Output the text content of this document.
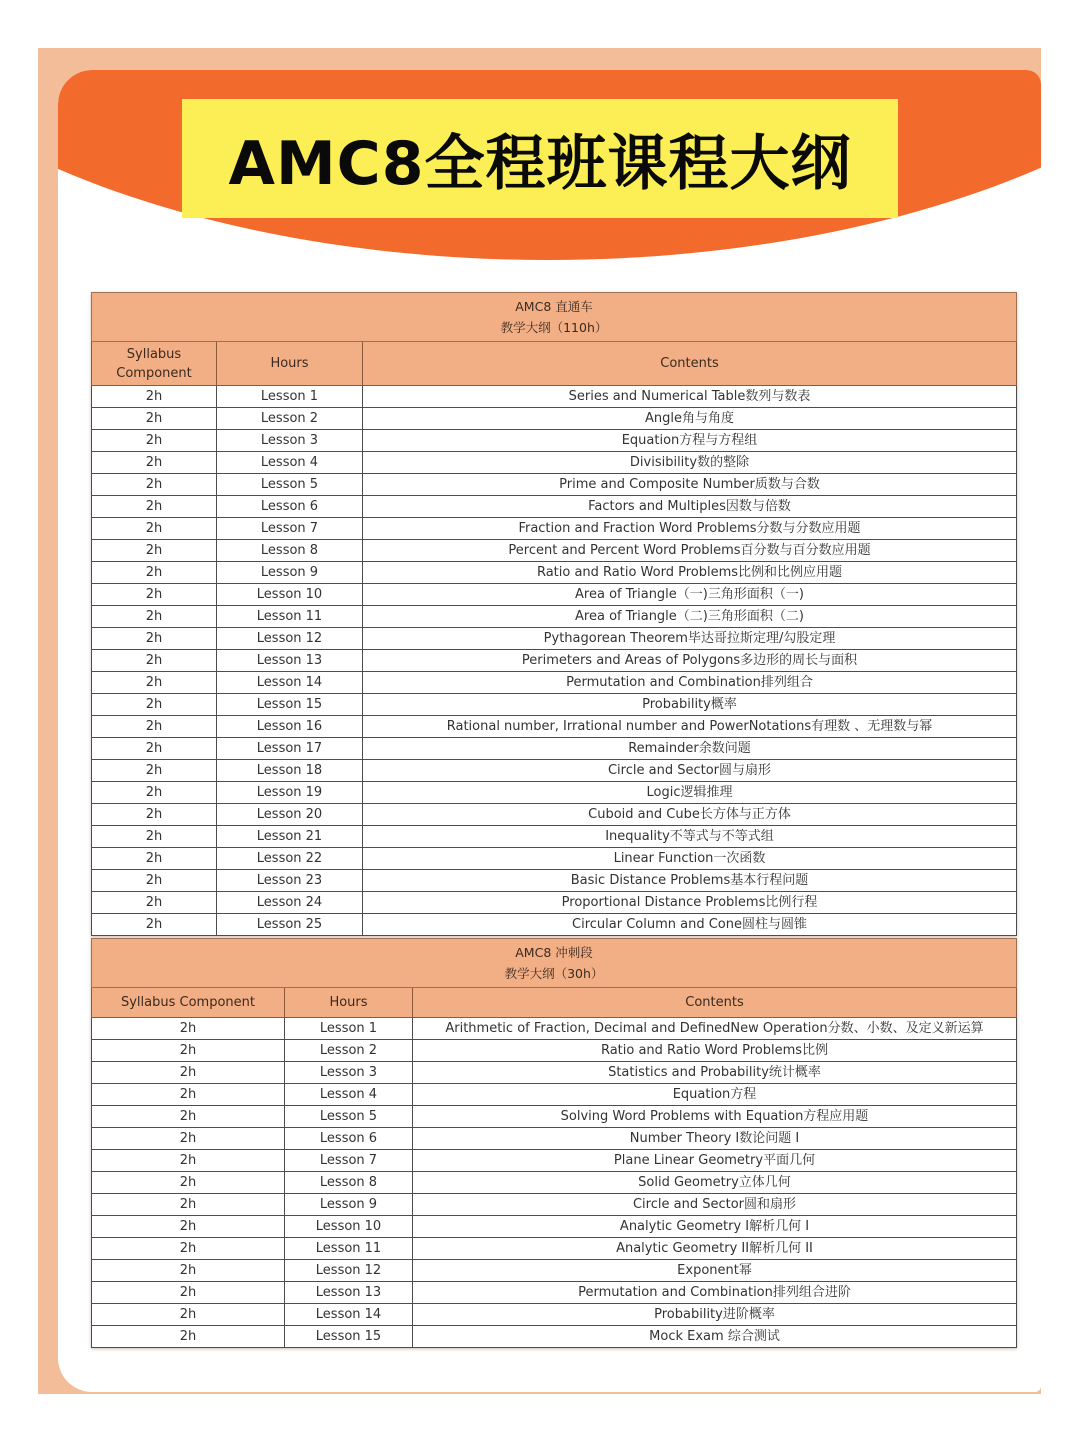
AMC8全程班课程大纲
AMC8 直通车
教学大纲（110h）		

Syllabus
Component	Hours	Contents
2h	Lesson 1	Series and Numerical Table数列与数表
2h	Lesson 2	Angle角与角度
2h	Lesson 3	Equation方程与方程组
2h	Lesson 4	Divisibility数的整除
2h	Lesson 5	Prime and Composite Number质数与合数
2h	Lesson 6	Factors and Multiples因数与倍数
2h	Lesson 7	Fraction and Fraction Word Problems分数与分数应用题
2h	Lesson 8	Percent and Percent Word Problems百分数与百分数应用题
2h	Lesson 9	Ratio and Ratio Word Problems比例和比例应用题
2h	Lesson 10	Area of Triangle（一)三角形面积（一)
2h	Lesson 11	Area of Triangle（二)三角形面积（二)
2h	Lesson 12	Pythagorean Theorem毕达哥拉斯定理/勾股定理
2h	Lesson 13	Perimeters and Areas of Polygons多边形的周长与面积
2h	Lesson 14	Permutation and Combination排列组合
2h	Lesson 15	Probability概率
2h	Lesson 16	Rational number, Irrational number and PowerNotations有理数 、无理数与幂
2h	Lesson 17	Remainder余数问题
2h	Lesson 18	Circle and Sector圆与扇形
2h	Lesson 19	Logic逻辑推理
2h	Lesson 20	Cuboid and Cube长方体与正方体
2h	Lesson 21	Inequality不等式与不等式组
2h	Lesson 22	Linear Function一次函数
2h	Lesson 23	Basic Distance Problems基本行程问题
2h	Lesson 24	Proportional Distance Problems比例行程
2h	Lesson 25	Circular Column and Cone圆柱与圆锥
AMC8 冲刺段
教学大纲（30h）		

Syllabus Component	Hours	Contents
2h	Lesson 1	Arithmetic of Fraction, Decimal and DefinedNew Operation分数、小数、及定义新运算
2h	Lesson 2	Ratio and Ratio Word Problems比例
2h	Lesson 3	Statistics and Probability统计概率
2h	Lesson 4	Equation方程
2h	Lesson 5	Solving Word Problems with Equation方程应用题
2h	Lesson 6	Number Theory I数论问题 I
2h	Lesson 7	Plane Linear Geometry平面几何
2h	Lesson 8	Solid Geometry立体几何
2h	Lesson 9	Circle and Sector圆和扇形
2h	Lesson 10	Analytic Geometry I解析几何 I
2h	Lesson 11	Analytic Geometry II解析几何 II
2h	Lesson 12	Exponent幂
2h	Lesson 13	Permutation and Combination排列组合进阶
2h	Lesson 14	Probability进阶概率
2h	Lesson 15	Mock Exam 综合测试
